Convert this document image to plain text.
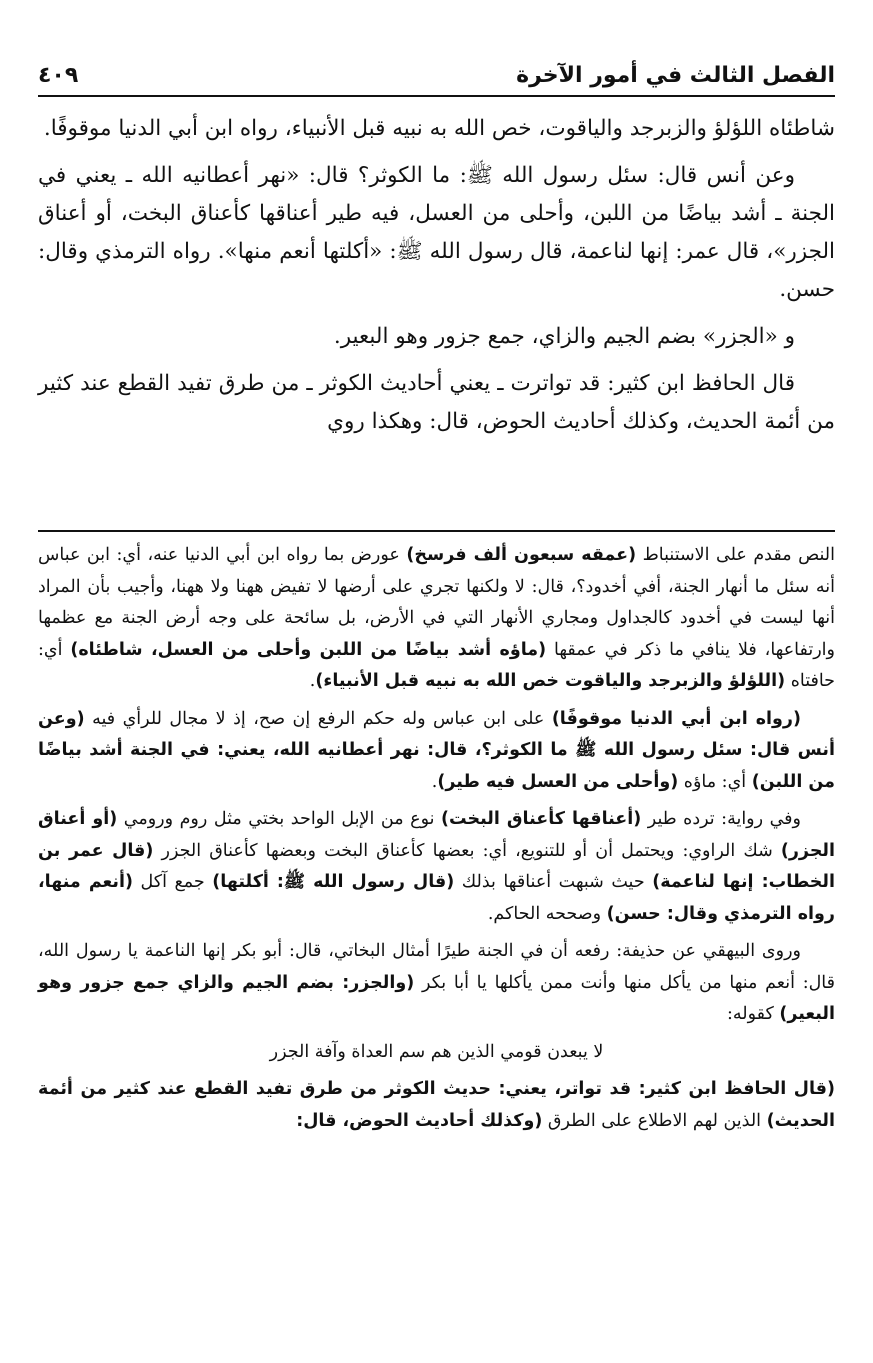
الفصل الثالث في أمور الآخرة
٤٠٩

شاطئاه اللؤلؤ والزبرجد والياقوت، خص الله به نبيه قبل الأنبياء، رواه ابن أبي الدنيا موقوفًا.

وعن أنس قال: سئل رسول الله ﷺ: ما الكوثر؟ قال: «نهر أعطانيه الله ـ يعني في الجنة ـ أشد بياضًا من اللبن، وأحلى من العسل، فيه طير أعناقها كأعناق البخت، أو أعناق الجزر»، قال عمر: إنها لناعمة، قال رسول الله ﷺ: «أكلتها أنعم منها». رواه الترمذي وقال: حسن.

و «الجزر» بضم الجيم والزاي، جمع جزور وهو البعير.

قال الحافظ ابن كثير: قد تواترت ـ يعني أحاديث الكوثر ـ من طرق تفيد القطع عند كثير من أئمة الحديث، وكذلك أحاديث الحوض، قال: وهكذا روي

النص مقدم على الاستنباط (عمقه سبعون ألف فرسخ) عورض بما رواه ابن أبي الدنيا عنه، أي: ابن عباس أنه سئل ما أنهار الجنة، أفي أخدود؟، قال: لا ولكنها تجري على أرضها لا تفيض ههنا ولا ههنا، وأجيب بأن المراد أنها ليست في أخدود كالجداول ومجاري الأنهار التي في الأرض، بل سائحة على وجه أرض الجنة مع عظمها وارتفاعها، فلا ينافي ما ذكر في عمقها (ماؤه أشد بياضًا من اللبن وأحلى من العسل، شاطئاه) أي: حافتاه (اللؤلؤ والزبرجد والياقوت خص الله به نبيه قبل الأنبياء).

(رواه ابن أبي الدنيا موقوفًا) على ابن عباس وله حكم الرفع إن صح، إذ لا مجال للرأي فيه (وعن أنس قال: سئل رسول الله ﷺ ما الكوثر؟، قال: نهر أعطانيه الله، يعني: في الجنة أشد بياضًا من اللبن) أي: ماؤه (وأحلى من العسل فيه طير).

وفي رواية: ترده طير (أعناقها كأعناق البخت) نوع من الإبل الواحد بختي مثل روم ورومي (أو أعناق الجزر) شك الراوي: ويحتمل أن أو للتنويع، أي: بعضها كأعناق البخت وبعضها كأعناق الجزر (قال عمر بن الخطاب: إنها لناعمة) حيث شبهت أعناقها بذلك (قال رسول الله ﷺ: أكلتها) جمع آكل (أنعم منها، رواه الترمذي وقال: حسن) وصححه الحاكم.

وروى البيهقي عن حذيفة: رفعه أن في الجنة طيرًا أمثال البخاتي، قال: أبو بكر إنها الناعمة يا رسول الله، قال: أنعم منها من يأكل منها وأنت ممن يأكلها يا أبا بكر (والجزر: بضم الجيم والزاي جمع جزور وهو البعير) كقوله:

لا يبعدن قومي الذين هم سم العداة وآفة الجزر

(قال الحافظ ابن كثير: قد تواتر، يعني: حديث الكوثر من طرق تفيد القطع عند كثير من أئمة الحديث) الذين لهم الاطلاع على الطرق (وكذلك أحاديث الحوض، قال:
